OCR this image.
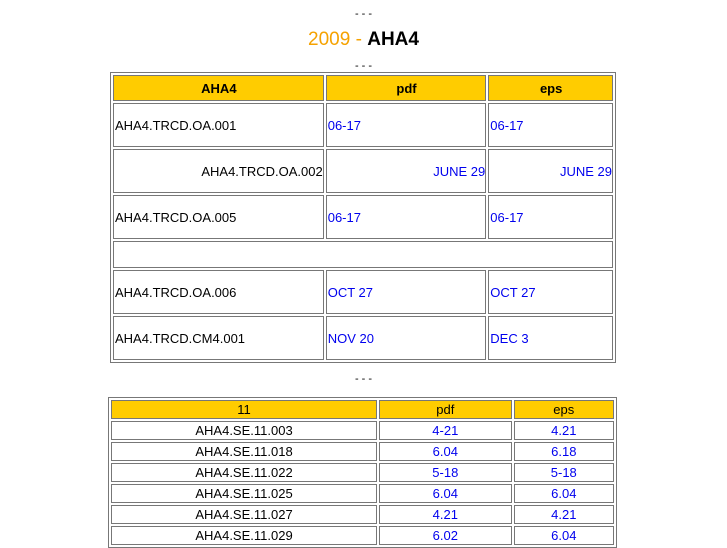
- - -
2009 - AHA4
- - -
AHA4	pdf	eps
AHA4.TRCD.OA.001	06-17	06-17
AHA4.TRCD.OA.002	JUNE 29	JUNE 29
AHA4.TRCD.OA.005	06-17	06-17

AHA4.TRCD.OA.006	OCT 27	OCT 27
AHA4.TRCD.CM4.001	NOV 20	DEC 3
- - -
11	pdf	eps
AHA4.SE.11.003	4-21	4.21
AHA4.SE.11.018	6.04	6.18
AHA4.SE.11.022	5-18	5-18
AHA4.SE.11.025	6.04	6.04
AHA4.SE.11.027	4.21	4.21
AHA4.SE.11.029	6.02	6.04
